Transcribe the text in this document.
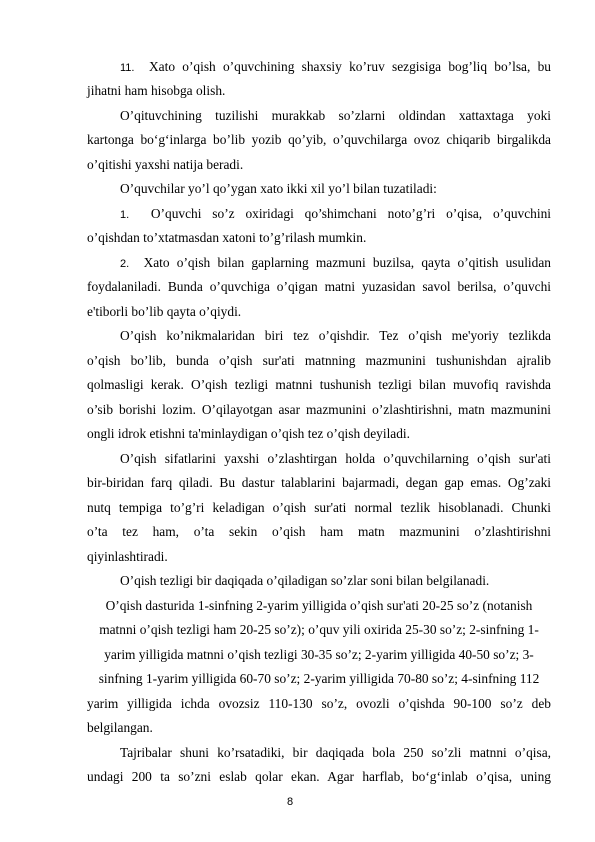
11. Xato o’qish o’quvchining shaxsiy ko’ruv sezgisiga bog’liq bo’lsa, bu
jihatni ham hisobga olish.
O’qituvchining tuzilishi murakkab so’zlarni oldindan xattaxtaga yoki
kartonga bo‘g‘inlarga bo’lib yozib qo’yib, o’quvchilarga ovoz chiqarib birgalikda
o’qitishi yaxshi natija beradi.
O’quvchilar yo’l qo’ygan xato ikki xil yo’l bilan tuzatiladi:
1. O’quvchi so’z oxiridagi qo’shimchani noto’g’ri o’qisa, o’quvchini
o’qishdan to’xtatmasdan xatoni to’g’rilash mumkin.
2. Xato o’qish bilan gaplarning mazmuni buzilsa, qayta o’qitish usulidan
foydalaniladi. Bunda o’quvchiga o’qigan matni yuzasidan savol berilsa, o’quvchi
e'tiborli bo’lib qayta o’qiydi.
O’qish ko’nikmalaridan biri tez o’qishdir. Tez o’qish me'yoriy tezlikda
o’qish bo’lib, bunda o’qish sur'ati matnning mazmunini tushunishdan ajralib
qolmasligi kerak. O’qish tezligi matnni tushunish tezligi bilan muvofiq ravishda
o’sib borishi lozim. O’qilayotgan asar mazmunini o’zlashtirishni, matn mazmunini
ongli idrok etishni ta'minlaydigan o’qish tez o’qish deyiladi.
O’qish sifatlarini yaxshi o’zlashtirgan holda o’quvchilarning o’qish sur'ati
bir-biridan farq qiladi. Bu dastur talablarini bajarmadi, degan gap emas. Og’zaki
nutq tempiga to’g’ri keladigan o’qish sur'ati normal tezlik hisoblanadi. Chunki
o’ta tez ham, o’ta sekin o’qish ham matn mazmunini o’zlashtirishni
qiyinlashtiradi.
O’qish tezligi bir daqiqada o’qiladigan so’zlar soni bilan belgilanadi.
O’qish dasturida 1-sinfning 2-yarim yilligida o’qish sur'ati 20-25 so’z (notanish
matnni o’qish tezligi ham 20-25 so’z); o’quv yili oxirida 25-30 so’z; 2-sinfning 1-
yarim yilligida matnni o’qish tezligi 30-35 so’z; 2-yarim yilligida 40-50 so’z; 3-
sinfning 1-yarim yilligida 60-70 so’z; 2-yarim yilligida 70-80 so’z; 4-sinfning 112
yarim yilligida ichda ovozsiz 110-130 so’z, ovozli o’qishda 90-100 so’z deb
belgilangan.
Tajribalar shuni ko’rsatadiki, bir daqiqada bola 250 so’zli matnni o’qisa,
undagi 200 ta so’zni eslab qolar ekan. Agar harflab, bo‘g‘inlab o’qisa, uning
8
